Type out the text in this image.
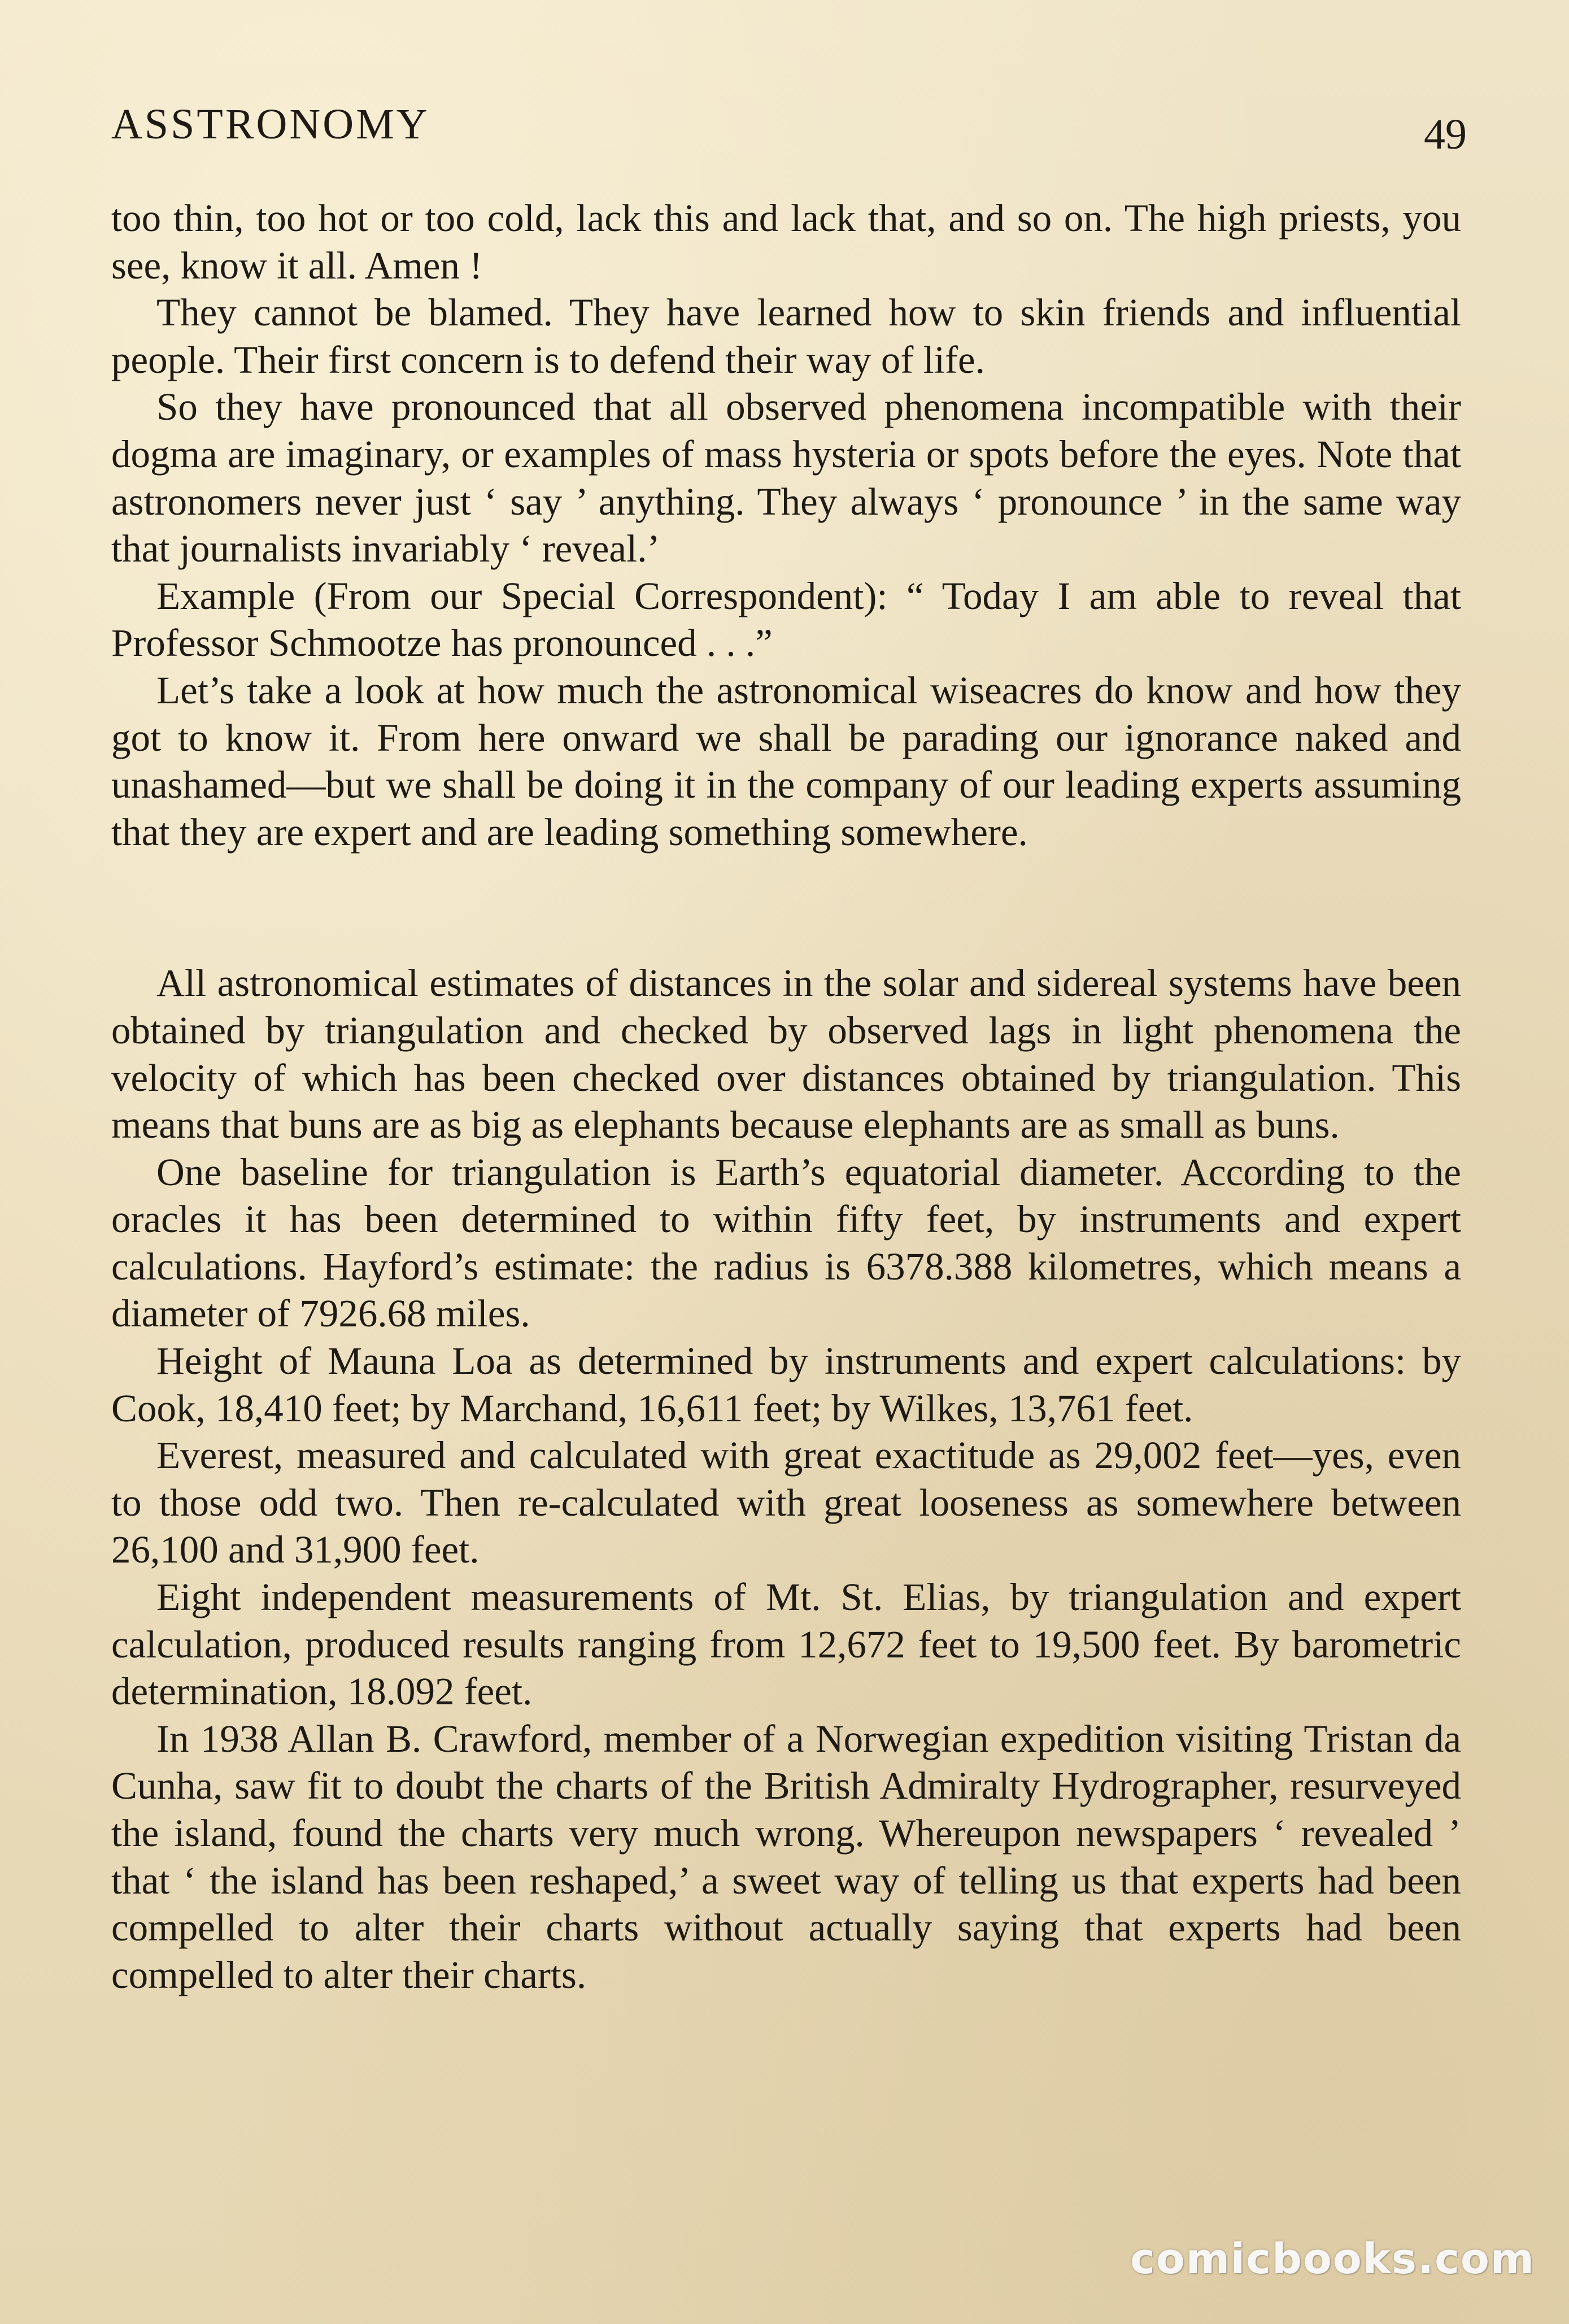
ASSTRONOMY	49

too thin, too hot or too cold, lack this and lack that, and so on. The high priests, you see, know it all. Amen !

They cannot be blamed. They have learned how to skin friends and influential people. Their first concern is to defend their way of life.

So they have pronounced that all observed phenomena incompatible with their dogma are imaginary, or examples of mass hysteria or spots before the eyes. Note that astronomers never just ‘ say ’ anything. They always ‘ pronounce ’ in the same way that journalists invariably ‘ reveal.’

Example (From our Special Correspondent): “ Today I am able to reveal that Professor Schmootze has pronounced . . .”

Let’s take a look at how much the astronomical wiseacres do know and how they got to know it. From here onward we shall be parading our ignorance naked and unashamed—but we shall be doing it in the company of our leading experts assuming that they are expert and are leading something somewhere.

All astronomical estimates of distances in the solar and sidereal systems have been obtained by triangulation and checked by observed lags in light phenomena the velocity of which has been checked over distances obtained by triangulation. This means that buns are as big as elephants because elephants are as small as buns.

One baseline for triangulation is Earth’s equatorial diameter. According to the oracles it has been determined to within fifty feet, by instruments and expert calculations. Hayford’s estimate: the radius is 6378.388 kilometres, which means a diameter of 7926.68 miles.

Height of Mauna Loa as determined by instruments and expert calculations: by Cook, 18,410 feet; by Marchand, 16,611 feet; by Wilkes, 13,761 feet.

Everest, measured and calculated with great exactitude as 29,002 feet—yes, even to those odd two. Then re-calculated with great looseness as somewhere between 26,100 and 31,900 feet.

Eight independent measurements of Mt. St. Elias, by triangulation and expert calculation, produced results ranging from 12,672 feet to 19,500 feet. By barometric determination, 18.092 feet.

In 1938 Allan B. Crawford, member of a Norwegian expedition visiting Tristan da Cunha, saw fit to doubt the charts of the British Admiralty Hydrographer, resurveyed the island, found the charts very much wrong. Whereupon newspapers ‘ revealed ’ that ‘ the island has been reshaped,’ a sweet way of telling us that experts had been compelled to alter their charts without actually saying that experts had been compelled to alter their charts.

comicbooks.com
